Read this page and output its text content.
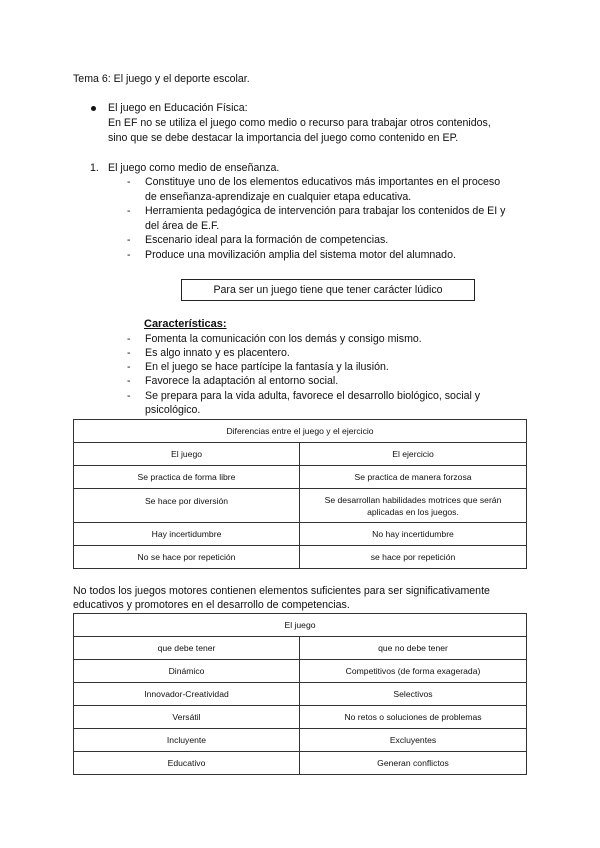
Tema 6: El juego y el deporte escolar.
El juego en Educación Física:
En EF no se utiliza el juego como medio o recurso para trabajar otros contenidos,
sino que se debe destacar la importancia del juego como contenido en EP.
1. El juego como medio de enseñanza.
- Constituye uno de los elementos educativos más importantes en el proceso
de enseñanza-aprendizaje en cualquier etapa educativa.
- Herramienta pedagógica de intervención para trabajar los contenidos de EI y
del área de E.F.
- Escenario ideal para la formación de competencias.
- Produce una movilización amplia del sistema motor del alumnado.
Para ser un juego tiene que tener carácter lúdico
Características:
- Fomenta la comunicación con los demás y consigo mismo.
- Es algo innato y es placentero.
- En el juego se hace partícipe la fantasía y la ilusión.
- Favorece la adaptación al entorno social.
- Se prepara para la vida adulta, favorece el desarrollo biológico, social y
psicológico.
Diferencias entre el juego y el ejercicio	
El juego	El ejercicio
Se practica de forma libre	Se practica de manera forzosa
Se hace por diversión	Se desarrollan habilidades motrices que serán aplicadas en los juegos.
Hay incertidumbre	No hay incertidumbre
No se hace por repetición	se hace por repetición
No todos los juegos motores contienen elementos suficientes para ser significativamente
educativos y promotores en el desarrollo de competencias.
El juego	
que debe tener	que no debe tener
Dinámico	Competitivos (de forma exagerada)
Innovador-Creatividad	Selectivos
Versátil	No retos o soluciones de problemas
Incluyente	Excluyentes
Educativo	Generan conflictos
